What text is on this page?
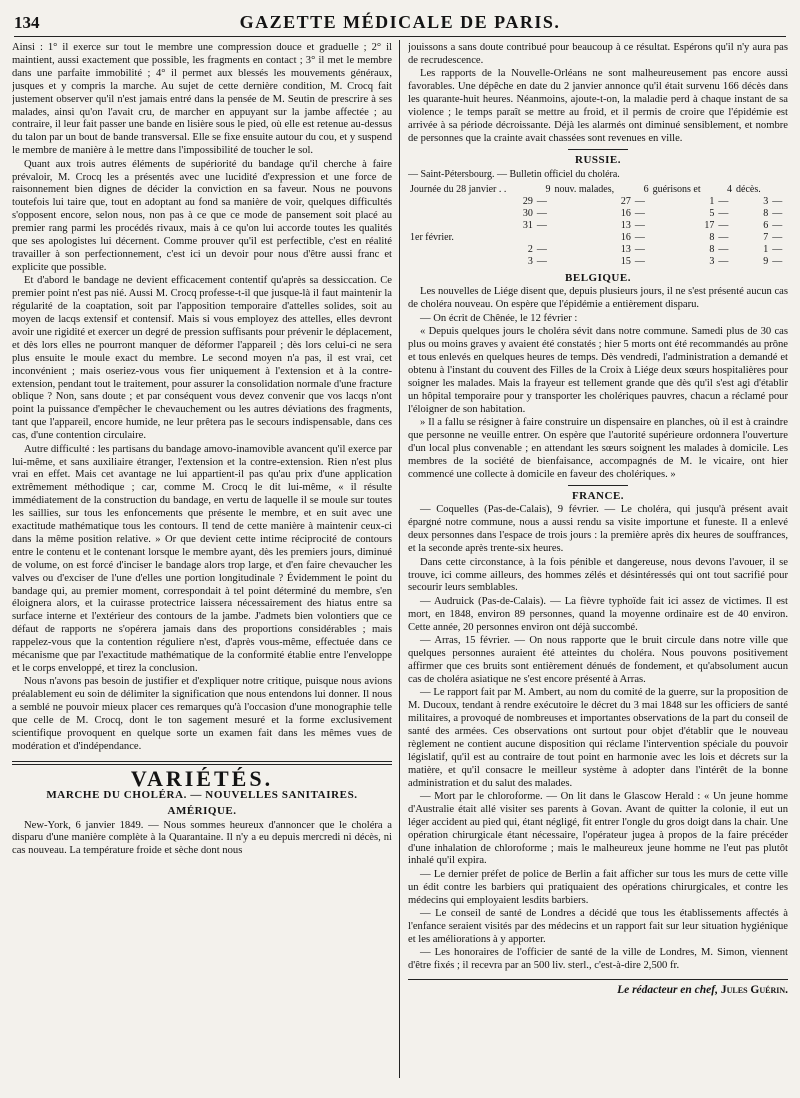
134	GAZETTE MÉDICALE DE PARIS.

Ainsi : 1° il exerce sur tout le membre une compression douce et graduelle ; 2° il maintient, aussi exactement que possible, les fragments en contact ; 3° il met le membre dans une parfaite immobilité ; 4° il permet aux blessés les mouvements généraux, jusques et y compris la marche. Au sujet de cette dernière condition, M. Crocq fait justement observer qu'il n'est jamais entré dans la pensée de M. Seutin de prescrire à ses malades, ainsi qu'on l'avait cru, de marcher en appuyant sur la jambe affectée ; au contraire, il leur fait passer une bande en lisière sous le pied, où elle est retenue au-dessus du talon par un bout de bande transversal. Elle se fixe ensuite autour du cou, et y suspend le membre de manière à le mettre dans l'impossibilité de toucher le sol.

Quant aux trois autres éléments de supériorité du bandage qu'il cherche à faire prévaloir, M. Crocq les a présentés avec une lucidité d'expression et une force de raisonnement bien dignes de décider la conviction en sa faveur. Nous ne pouvons toutefois lui taire que, tout en adoptant au fond sa manière de voir, quelques difficultés s'opposent encore, selon nous, non pas à ce que ce mode de pansement soit placé au premier rang parmi les procédés rivaux, mais à ce qu'on lui accorde toutes les qualités que ses apologistes lui décernent. Comme prouver qu'il est perfectible, c'est en réalité travailler à son perfectionnement, c'est ici un devoir pour nous d'être aussi franc et explicite que possible.

Et d'abord le bandage ne devient efficacement contentif qu'après sa dessiccation. Ce premier point n'est pas nié. Aussi M. Crocq professe-t-il que jusque-là il faut maintenir la régularité de la coaptation, soit par l'apposition temporaire d'attelles solides, soit au moyen de lacqs extensif et contensif. Mais si vous employez des attelles, elles devront avoir une rigidité et exercer un degré de pression suffisants pour prévenir le déplacement, et dès lors elles ne pourront manquer de déformer l'appareil ; dès lors celui-ci ne sera plus ensuite le moule exact du membre. Le second moyen n'a pas, il est vrai, cet inconvénient ; mais oseriez-vous vous fier uniquement à l'extension et à la contre-extension, pendant tout le traitement, pour assurer la consolidation normale d'une fracture oblique ? Non, sans doute ; et par conséquent vous devez convenir que vos lacqs n'ont point la puissance d'empêcher le chevauchement ou les autres déviations des fragments, tant que l'appareil, encore humide, ne leur prêtera pas le secours indispensable, dans ces cas, d'une contention circulaire.

Autre difficulté : les partisans du bandage amovo-inamovible avancent qu'il exerce par lui-même, et sans auxiliaire étranger, l'extension et la contre-extension. Rien n'est plus vrai en effet. Mais cet avantage ne lui appartient-il pas qu'au prix d'une application extrêmement méthodique ; car, comme M. Crocq le dit lui-même, « il résulte immédiatement de la construction du bandage, en vertu de laquelle il se moule sur toutes les saillies, sur tous les enfoncements que présente le membre, et en suit avec une exactitude mathématique tous les contours. Il tend de cette manière à maintenir ceux-ci dans la même position relative. » Or que devient cette intime réciprocité de contours entre le contenu et le contenant lorsque le membre ayant, dès les premiers jours, diminué de volume, on est forcé d'inciser le bandage alors trop large, et d'en faire chevaucher les valves ou d'exciser de l'une d'elles une portion longitudinale ? Évidemment le point du bandage qui, au premier moment, correspondait à tel point déterminé du membre, s'en éloignera alors, et la cuirasse protectrice laissera nécessairement des hiatus entre sa surface interne et l'extérieur des contours de la jambe. J'admets bien volontiers que ce défaut de rapports ne s'opérera jamais dans des proportions considérables ; mais rappelez-vous que la contention réguliere n'est, d'après vous-même, effectuée dans ce mécanisme que par l'exactitude mathématique de la conformité établie entre l'enveloppe et le corps enveloppé, et tirez la conclusion.

Nous n'avons pas besoin de justifier et d'expliquer notre critique, puisque nous avions préalablement eu soin de délimiter la signification que nous entendons lui donner. Il nous a semblé ne pouvoir mieux placer ces remarques qu'à l'occasion d'une monographie telle que celle de M. Crocq, dont le ton sagement mesuré et la forme exclusivement scientifique provoquent en quelque sorte un examen fait dans les mêmes vues de modération et d'indépendance.

VARIÉTÉS.
MARCHE DU CHOLÉRA. — NOUVELLES SANITAIRES.
AMÉRIQUE.

New-York, 6 janvier 1849. — Nous sommes heureux d'annoncer que le choléra a disparu d'une manière complète à la Quarantaine. Il n'y a eu depuis mercredi ni décès, ni cas nouveau. La température froide et sèche dont nous

jouissons a sans doute contribué pour beaucoup à ce résultat. Espérons qu'il n'y aura pas de recrudescence.

Les rapports de la Nouvelle-Orléans ne sont malheureusement pas encore aussi favorables. Une dépêche en date du 2 janvier annonce qu'il était survenu 166 décès dans les quarante-huit heures. Néanmoins, ajoute-t-on, la maladie perd à chaque instant de sa violence ; le temps paraît se mettre au froid, et il permis de croire que l'épidémie est arrivée à sa période décroissante. Déjà les alarmés ont diminué sensiblement, et nombre de personnes que la crainte avait chassées sont revenues en ville.

RUSSIE.

— Saint-Pétersbourg. — Bulletin officiel du choléra.

Journée du 28 janvier . .	9	nouv. malades,	6	guérisons et	4	décès.	
29	—	27	—	1	—	3	—
30	—	16	—	5	—	8	—
31	—	13	—	17	—	6	—
1er février.		16	—	8	—	7	—
2	—	13	—	8	—	1	—
3	—	15	—	3	—	9	—
BELGIQUE.

Les nouvelles de Liége disent que, depuis plusieurs jours, il ne s'est présenté aucun cas de choléra nouveau. On espère que l'épidémie a entièrement disparu.

— On écrit de Chênée, le 12 février :

« Depuis quelques jours le choléra sévit dans notre commune. Samedi plus de 30 cas plus ou moins graves y avaient été constatés ; hier 5 morts ont été recommandés au prône et tous enlevés en quelques heures de temps. Dès vendredi, l'administration a demandé et obtenu à l'instant du couvent des Filles de la Croix à Liége deux sœurs hospitalières pour soigner les malades. Mais la frayeur est tellement grande que dès qu'il s'est agi d'établir un hôpital temporaire pour y transporter les cholériques pauvres, chacun a réclamé pour l'éloigner de son habitation.

» Il a fallu se résigner à faire construire un dispensaire en planches, où il est à craindre que personne ne veuille entrer. On espère que l'autorité supérieure ordonnera l'ouverture d'un local plus convenable ; en attendant les sœurs soignent les malades à domicile. Les membres de la société de bienfaisance, accompagnés de M. le vicaire, ont hier commencé une collecte à domicile en faveur des cholériques. »

FRANCE.

— Coquelles (Pas-de-Calais), 9 février. — Le choléra, qui jusqu'à présent avait épargné notre commune, nous a aussi rendu sa visite importune et funeste. Il a enlevé deux personnes dans l'espace de trois jours : la première après dix heures de souffrances, et la seconde après trente-six heures.

Dans cette circonstance, à la fois pénible et dangereuse, nous devons l'avouer, il se trouve, ici comme ailleurs, des hommes zélés et désintéressés qui ont tout sacrifié pour secourir leurs semblables.

— Audruick (Pas-de-Calais). — La fièvre typhoïde fait ici assez de victimes. Il est mort, en 1848, environ 89 personnes, quand la moyenne ordinaire est de 40 environ. Cette année, 20 personnes environ ont déjà succombé.

— Arras, 15 février. — On nous rapporte que le bruit circule dans notre ville que quelques personnes auraient été atteintes du choléra. Nous pouvons positivement affirmer que ces bruits sont entièrement dénués de fondement, et qu'absolument aucun cas de choléra asiatique ne s'est encore présenté à Arras.

— Le rapport fait par M. Ambert, au nom du comité de la guerre, sur la proposition de M. Ducoux, tendant à rendre exécutoire le décret du 3 mai 1848 sur les officiers de santé militaires, a provoqué de nombreuses et importantes observations de la part du conseil de santé des armées. Ces observations ont surtout pour objet d'établir que le nouveau règlement ne contient aucune disposition qui réclame l'intervention spéciale du pouvoir législatif, qu'il est au contraire de tout point en harmonie avec les lois et décrets sur la matière, et qu'il consacre le meilleur système à adopter dans l'intérêt de la bonne administration et du salut des malades.

— Mort par le chloroforme. — On lit dans le Glascow Herald : « Un jeune homme d'Australie était allé visiter ses parents à Govan. Avant de quitter la colonie, il eut un léger accident au pied qui, étant négligé, fit entrer l'ongle du gros doigt dans la chair. Une opération chirurgicale étant nécessaire, l'opérateur jugea à propos de la faire précéder d'une inhalation de chloroforme ; mais le malheureux jeune homme ne l'eut pas plutôt inhalé qu'il expira.

— Le dernier préfet de police de Berlin a fait afficher sur tous les murs de cette ville un édit contre les barbiers qui pratiquaient des opérations chirurgicales, et contre les médecins qui employaient lesdits barbiers.

— Le conseil de santé de Londres a décidé que tous les établissements affectés à l'enfance seraient visités par des médecins et un rapport fait sur leur situation hygiénique et les améliorations à y apporter.

— Les honoraires de l'officier de santé de la ville de Londres, M. Simon, viennent d'être fixés ; il recevra par an 500 liv. sterl., c'est-à-dire 2,500 fr.

Le rédacteur en chef, Jules Guérin.
